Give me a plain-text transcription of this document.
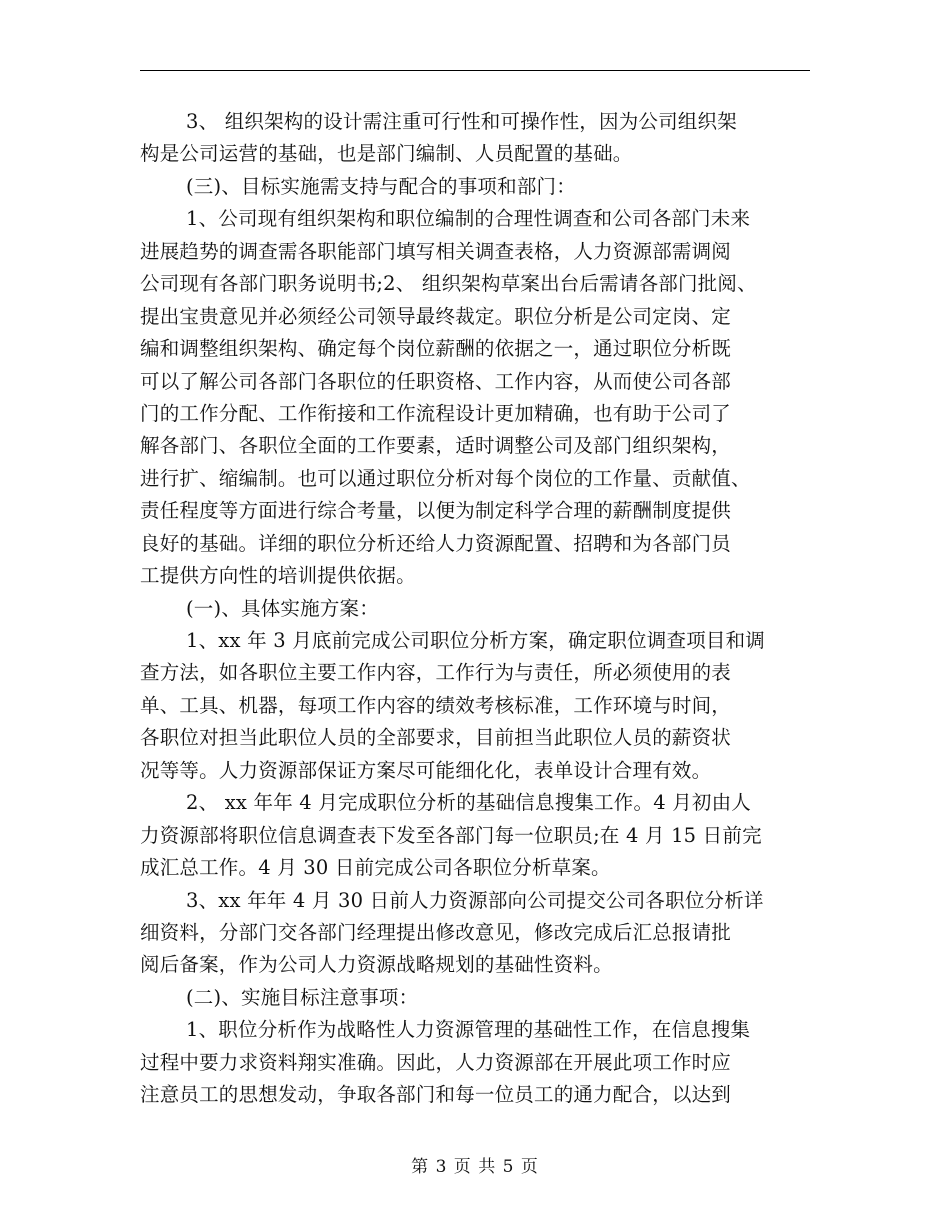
3、 组织架构的设计需注重可行性和可操作性，因为公司组织架
构是公司运营的基础，也是部门编制、人员配置的基础。
(三)、目标实施需支持与配合的事项和部门：
1、公司现有组织架构和职位编制的合理性调查和公司各部门未来
进展趋势的调查需各职能部门填写相关调查表格，人力资源部需调阅
公司现有各部门职务说明书;2、 组织架构草案出台后需请各部门批阅、
提出宝贵意见并必须经公司领导最终裁定。职位分析是公司定岗、定
编和调整组织架构、确定每个岗位薪酬的依据之一，通过职位分析既
可以了解公司各部门各职位的任职资格、工作内容，从而使公司各部
门的工作分配、工作衔接和工作流程设计更加精确，也有助于公司了
解各部门、各职位全面的工作要素，适时调整公司及部门组织架构，
进行扩、缩编制。也可以通过职位分析对每个岗位的工作量、贡献值、
责任程度等方面进行综合考量，以便为制定科学合理的薪酬制度提供
良好的基础。详细的职位分析还给人力资源配置、招聘和为各部门员
工提供方向性的培训提供依据。
(一)、具体实施方案：
1、xx 年 3 月底前完成公司职位分析方案，确定职位调查项目和调
查方法，如各职位主要工作内容，工作行为与责任，所必须使用的表
单、工具、机器，每项工作内容的绩效考核标准，工作环境与时间，
各职位对担当此职位人员的全部要求，目前担当此职位人员的薪资状
况等等。人力资源部保证方案尽可能细化化，表单设计合理有效。
2、 xx 年年 4 月完成职位分析的基础信息搜集工作。4 月初由人
力资源部将职位信息调查表下发至各部门每一位职员;在 4 月 15 日前完
成汇总工作。4 月 30 日前完成公司各职位分析草案。
3、xx 年年 4 月 30 日前人力资源部向公司提交公司各职位分析详
细资料，分部门交各部门经理提出修改意见，修改完成后汇总报请批
阅后备案，作为公司人力资源战略规划的基础性资料。
(二)、实施目标注意事项：
1、职位分析作为战略性人力资源管理的基础性工作，在信息搜集
过程中要力求资料翔实准确。因此，人力资源部在开展此项工作时应
注意员工的思想发动，争取各部门和每一位员工的通力配合，以达到
第 3 页 共 5 页
